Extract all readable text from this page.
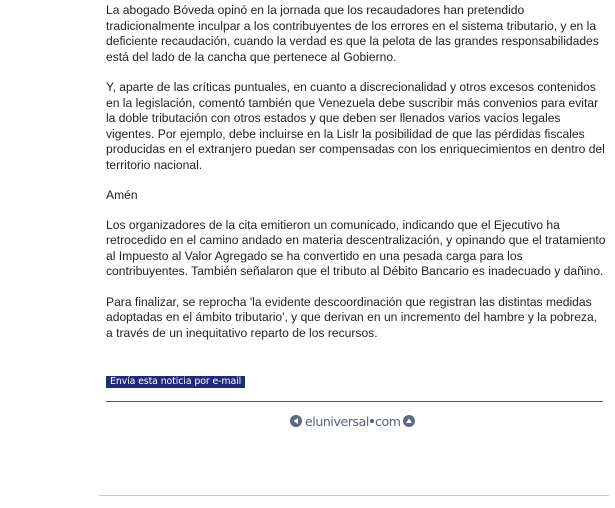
La abogado Bóveda opinó en la jornada que los recaudadores han pretendido tradicionalmente inculpar a los contribuyentes de los errores en el sistema tributario, y en la deficiente recaudación, cuando la verdad es que la pelota de las grandes responsabilidades está del lado de la cancha que pertenece al Gobierno.

Y, aparte de las críticas puntuales, en cuanto a discrecionalidad y otros excesos contenidos en la legislación, comentó también que Venezuela debe suscribir más convenios para evitar la doble tributación con otros estados y que deben ser llenados varios vacíos legales vigentes. Por ejemplo, debe incluirse en la Lislr la posibilidad de que las pérdidas fiscales producidas en el extranjero puedan ser compensadas con los enriquecimientos en dentro del territorio nacional.

Amén

Los organizadores de la cita emitieron un comunicado, indicando que el Ejecutivo ha retrocedido en el camino andado en materia descentralización, y opinando que el tratamiento al Impuesto al Valor Agregado se ha convertido en una pesada carga para los contribuyentes. También señalaron que el tributo al Débito Bancario es inadecuado y dañino.

Para finalizar, se reprocha 'la evidente descoordinación que registran las distintas medidas adoptadas en el ámbito tributario', y que derivan en un incremento del hambre y la pobreza, a través de un inequitativo reparto de los recursos.

Envía esta noticia por e-mail
eluniversal com
